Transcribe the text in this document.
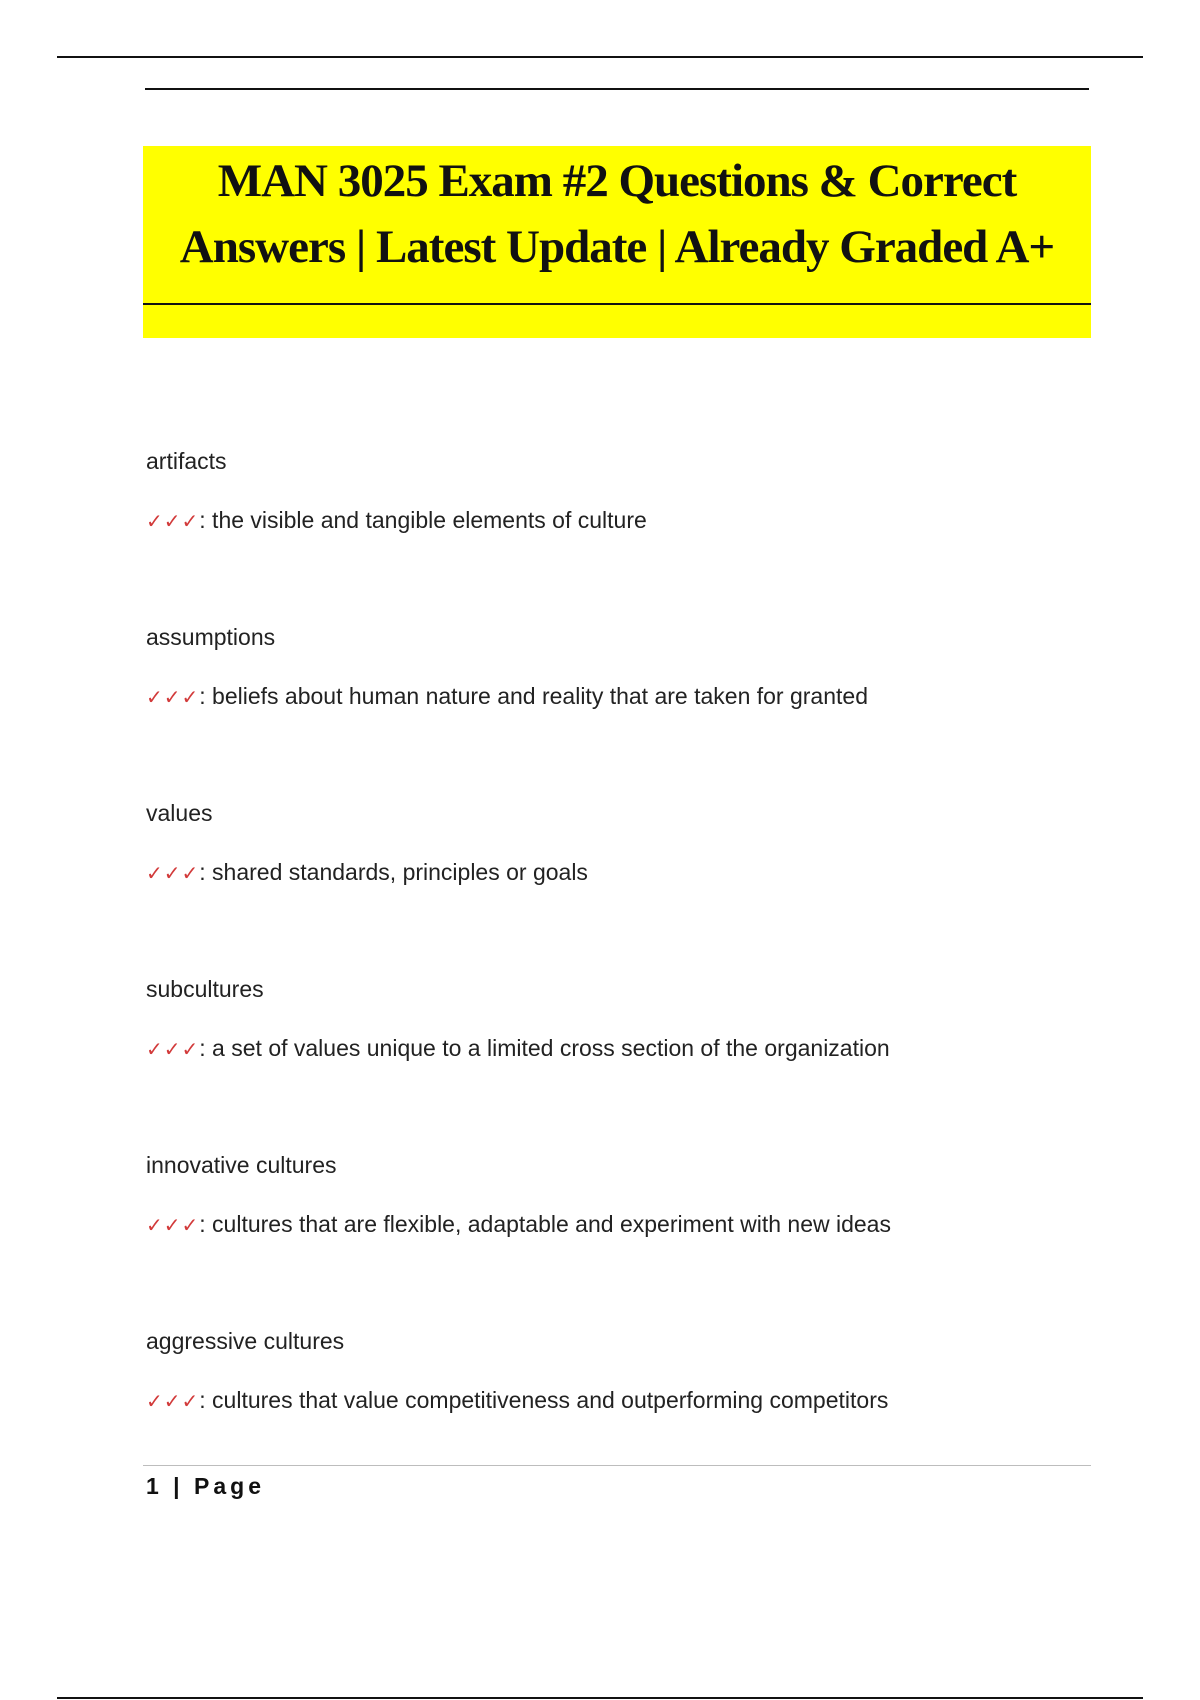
MAN 3025 Exam #2 Questions & Correct
Answers | Latest Update | Already Graded A+
artifacts
✓✓✓: the visible and tangible elements of culture
assumptions
✓✓✓: beliefs about human nature and reality that are taken for granted
values
✓✓✓: shared standards, principles or goals
subcultures
✓✓✓: a set of values unique to a limited cross section of the organization
innovative cultures
✓✓✓: cultures that are flexible, adaptable and experiment with new ideas
aggressive cultures
✓✓✓: cultures that value competitiveness and outperforming competitors
1 | Page
